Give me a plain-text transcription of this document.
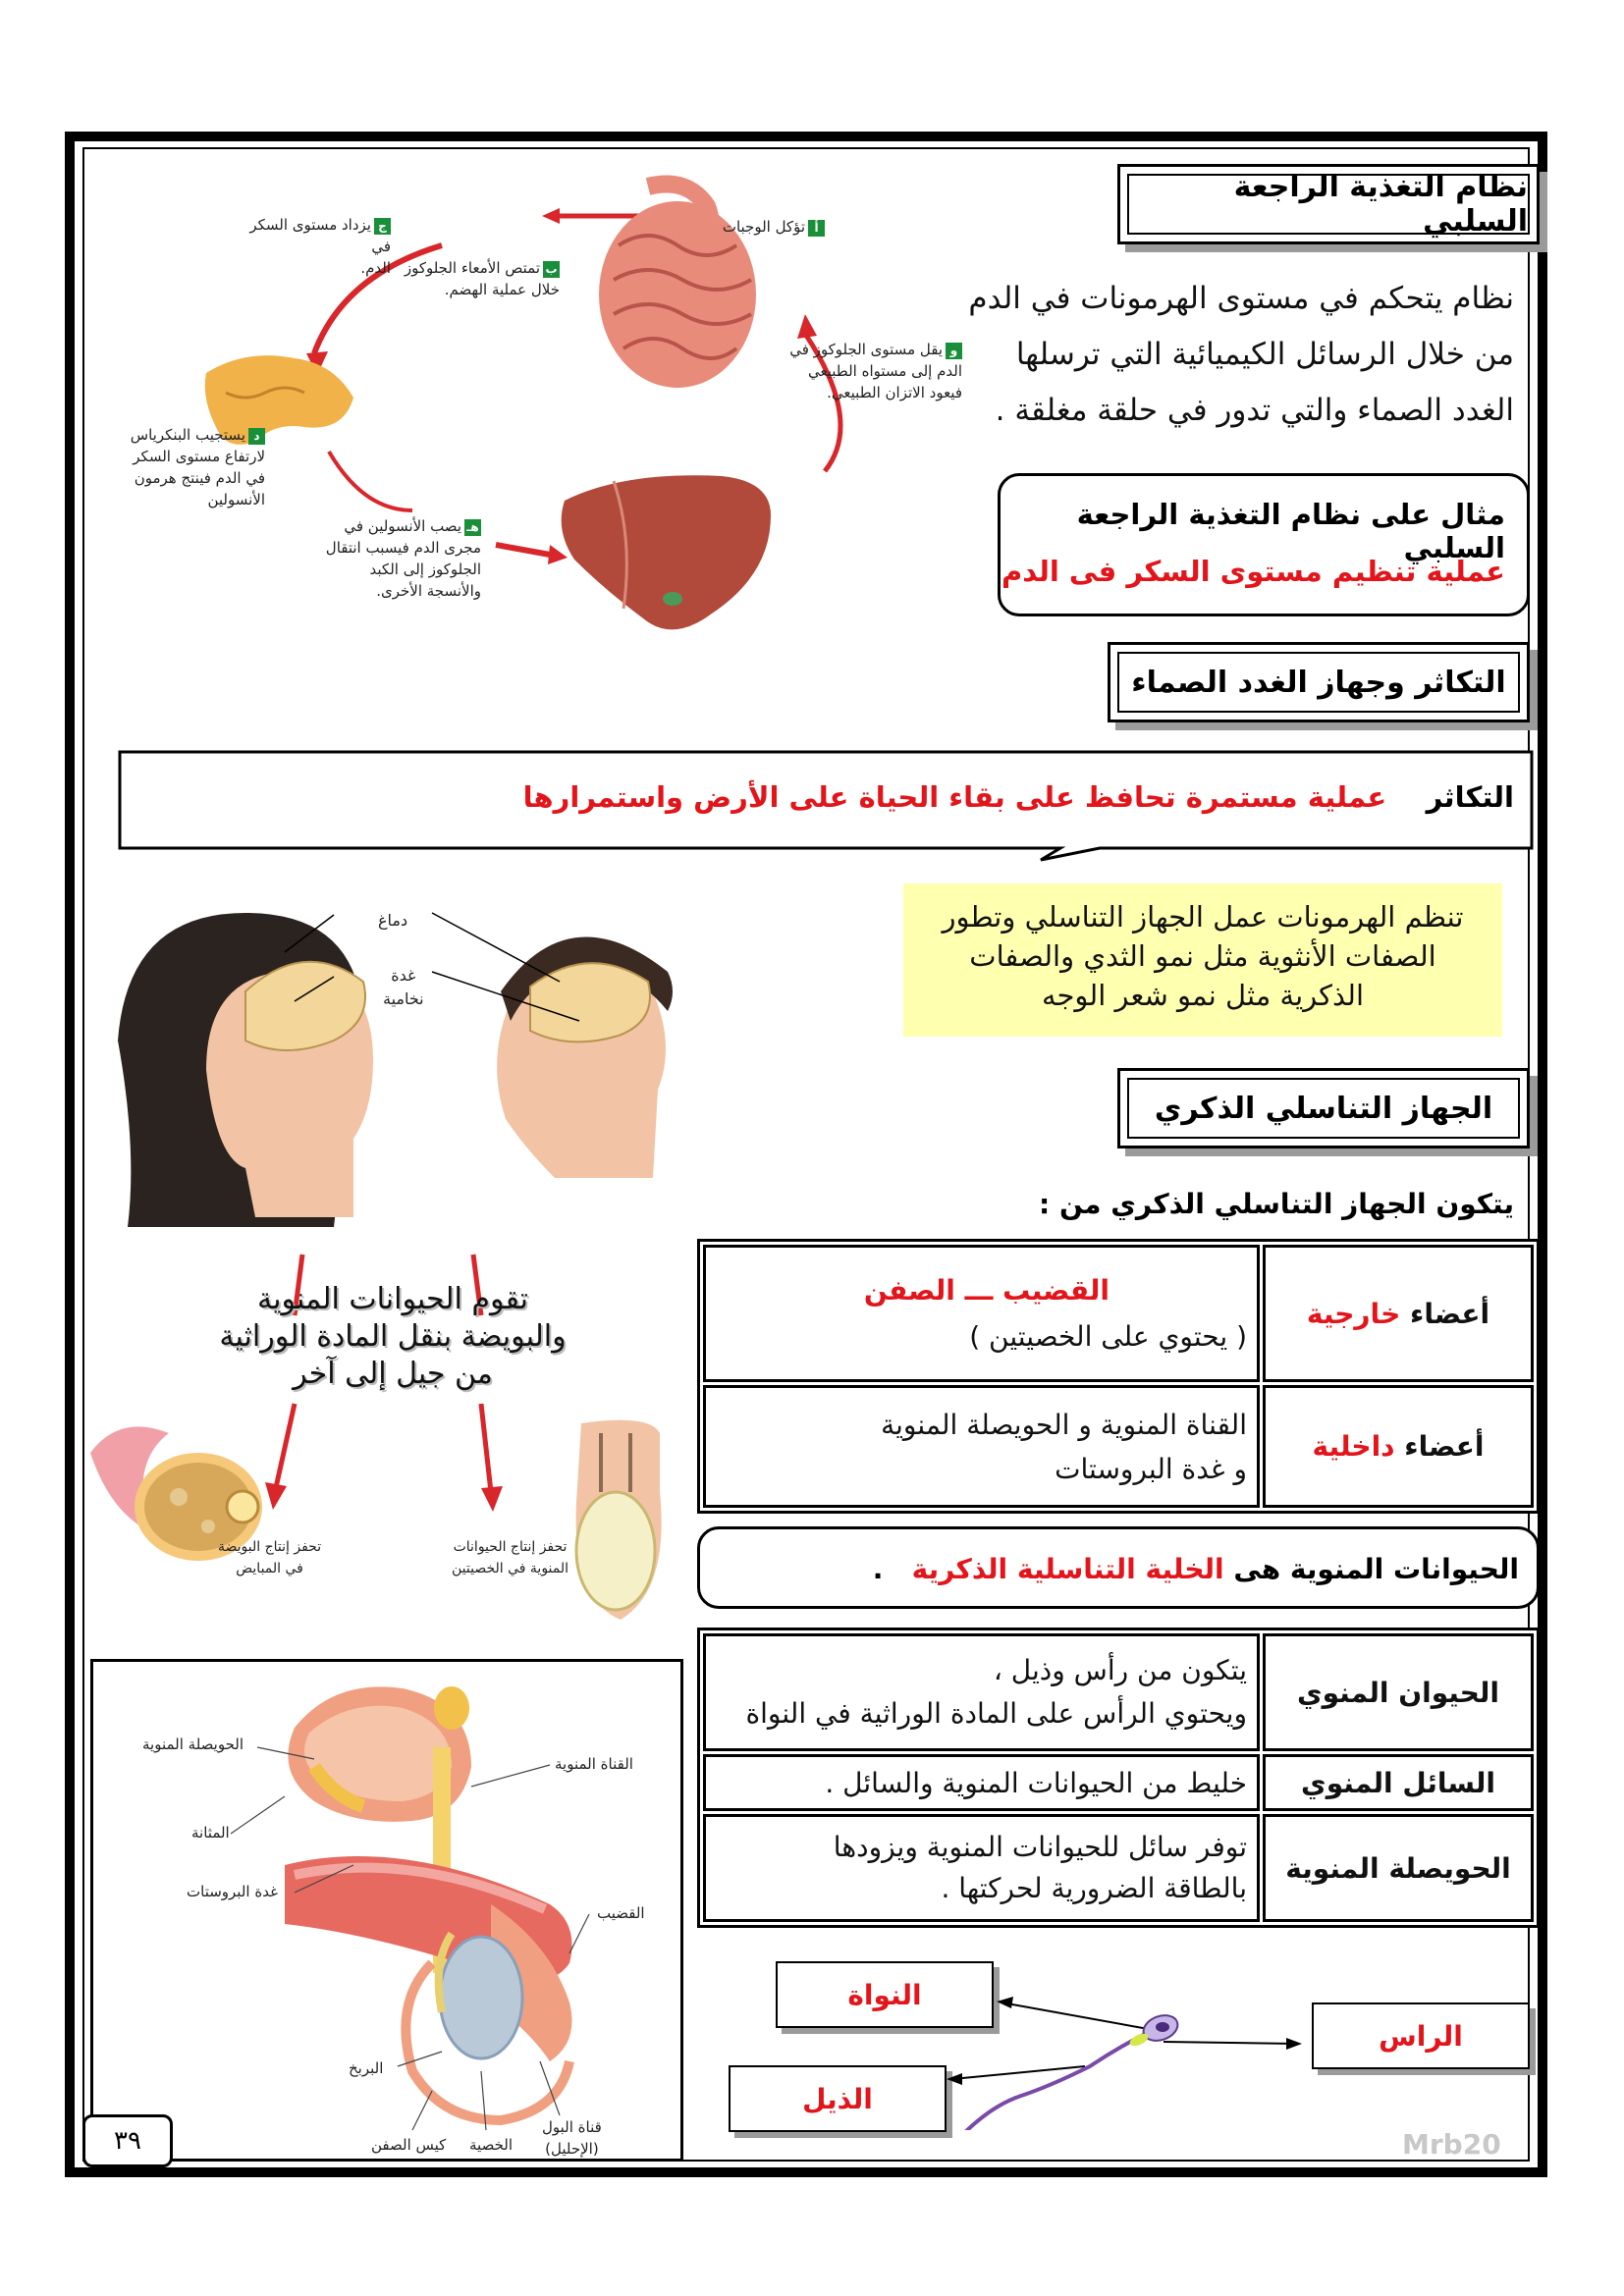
نظام التغذية الراجعة السلبي
نظام يتحكم في مستوى الهرمونات في الدم
من خلال الرسائل الكيميائية التي ترسلها
الغدد الصماء والتي تدور في حلقة مغلقة .
مثال على نظام التغذية الراجعة السلبي
عملية تنظيم مستوى السكر فى الدم
أتؤكل الوجبات
بتمتص الأمعاء الجلوكوز
خلال عملية الهضم.
جيزداد مستوى السكر في
الدم.
ديستجيب البنكرياس
لارتفاع مستوى السكر
في الدم فينتج هرمون
الأنسولين
هـيصب الأنسولين في
مجرى الدم فيسبب انتقال
الجلوكوز إلى الكبد
والأنسجة الأخرى.
ويقل مستوى الجلوكوز في
الدم إلى مستواه الطبيعي
فيعود الاتزان الطبيعي.
التكاثر وجهاز الغدد الصماء
التكاثر    عملية مستمرة تحافظ على بقاء الحياة على الأرض واستمرارها
تنظم الهرمونات عمل الجهاز التناسلي وتطور
الصفات الأنثوية مثل نمو الثدي والصفات
الذكرية مثل نمو شعر الوجه
دماغ
غدة
نخامية
تقوم الحيوانات المنوية
والبويضة بنقل المادة الوراثية
من جيل إلى آخر
تحفز إنتاج البويضة
في المبايض
تحفز إنتاج الحيوانات
المنوية في الخصيتين
الجهاز التناسلي الذكري
يتكون الجهاز التناسلي الذكري من :
أعضاء خارجية	القضيب ـــ الصفن
( يحتوي على الخصيتين )

أعضاء داخلية	القناة المنوية و الحويصلة المنوية
و غدة البروستات
الحيوانات المنوية هى الخلية التناسلية الذكرية   .
الحيوان المنوي	يتكون من رأس وذيل ،
ويحتوي الرأس على المادة الوراثية في النواة

السائل المنوي	خليط من الحيوانات المنوية والسائل .

الحويصلة المنوية	توفر سائل للحيوانات المنوية ويزودها
بالطاقة الضرورية لحركتها .
النواة
الراس
الذيل
الحويصلة المنوية
المثانة
غدة البروستات
القناة المنوية
القضيب
البربخ
كيس الصفن الخصية
قناة البول
(الإحليل)
٣٩	Mrb20
